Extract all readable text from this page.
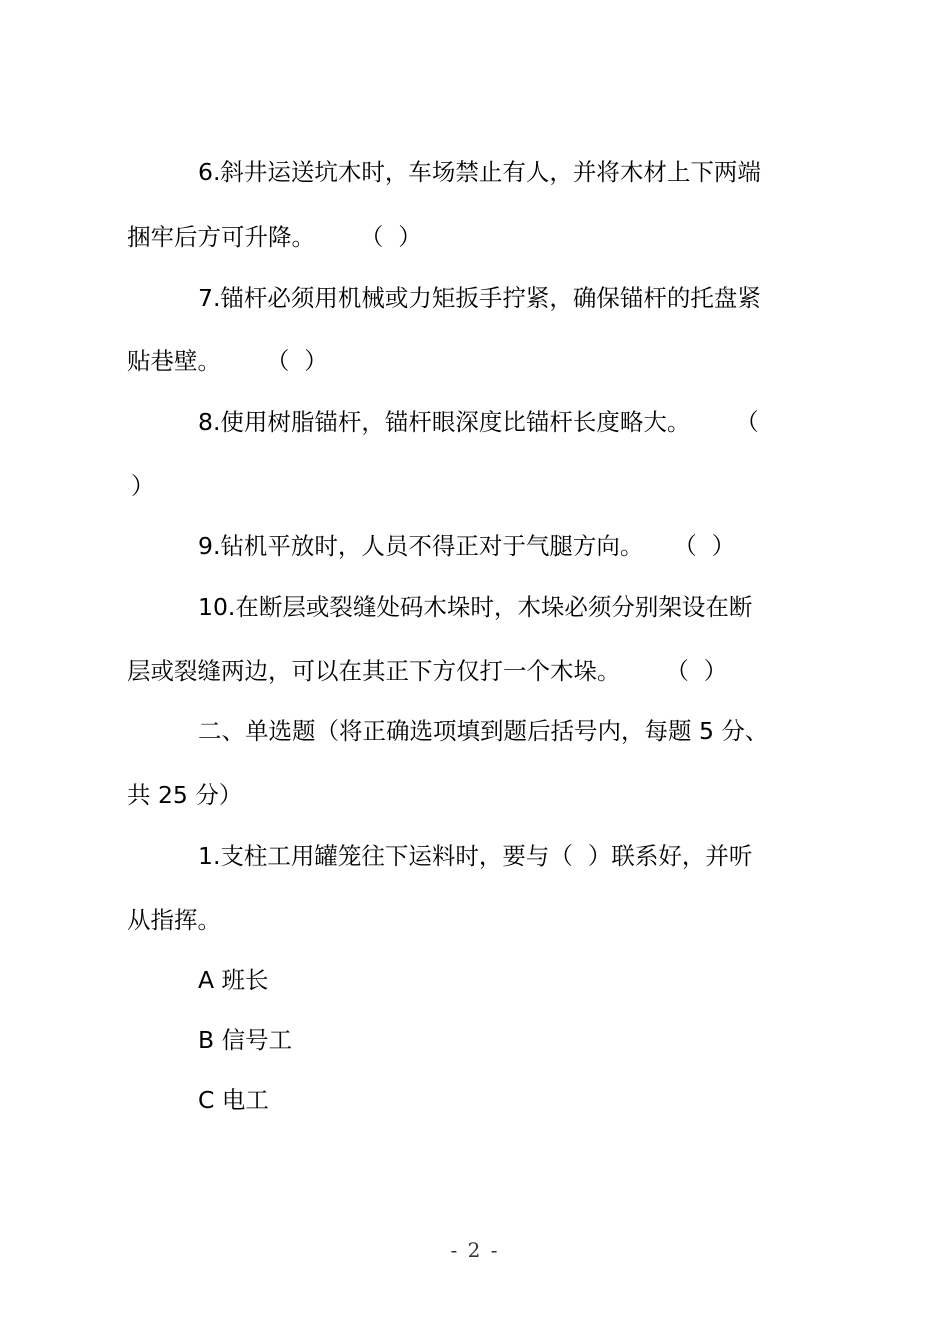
6.斜井运送坑木时，车场禁止有人，并将木材上下两端
捆牢后方可升降。      （  ）
7.锚杆必须用机械或力矩扳手拧紧，确保锚杆的托盘紧
贴巷壁。      （  ）
8.使用树脂锚杆，锚杆眼深度比锚杆长度略大。      （
）
9.钻机平放时，人员不得正对于气腿方向。    （  ）
10.在断层或裂缝处码木垛时，木垛必须分别架设在断
层或裂缝两边，可以在其正下方仅打一个木垛。      （  ）
二、单选题（将正确选项填到题后括号内，每题 5 分、
共 25 分）
1.支柱工用罐笼往下运料时，要与（  ）联系好，并听
从指挥。
A 班长
B 信号工
C 电工
- 2 -
